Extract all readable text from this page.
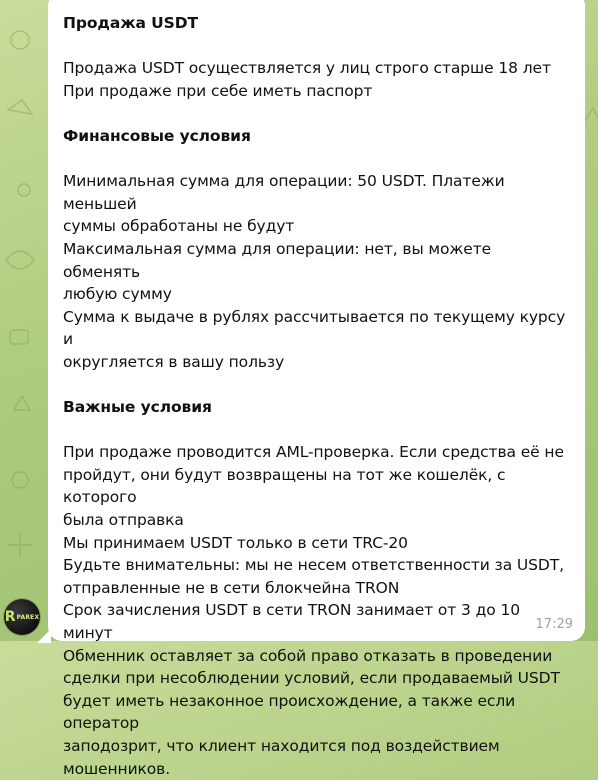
Продажа USDT
Продажа USDT осуществляется у лиц строго старше 18 лет
При продаже при себе иметь паспорт
Финансовые условия
Минимальная сумма для операции: 50 USDT. Платежи меньшей
суммы обработаны не будут
Максимальная сумма для операции: нет, вы можете обменять
любую сумму
Сумма к выдаче в рублях рассчитывается по текущему курсу и
округляется в вашу пользу
Важные условия
При продаже проводится AML-проверка. Если средства её не
пройдут, они будут возвращены на тот же кошелёк, с которого
была отправка
Мы принимаем USDT только в сети TRC-20
Будьте внимательны: мы не несем ответственности за USDT,
отправленные не в сети блокчейна TRON
Срок зачисления USDT в сети TRON занимает от 3 до 10 минут
Обменник оставляет за собой право отказать в проведении
сделки при несоблюдении условий, если продаваемый USDT
будет иметь незаконное происхождение, а также если оператор
заподозрит, что клиент находится под воздействием
мошенников.
17:29
R PAREX
